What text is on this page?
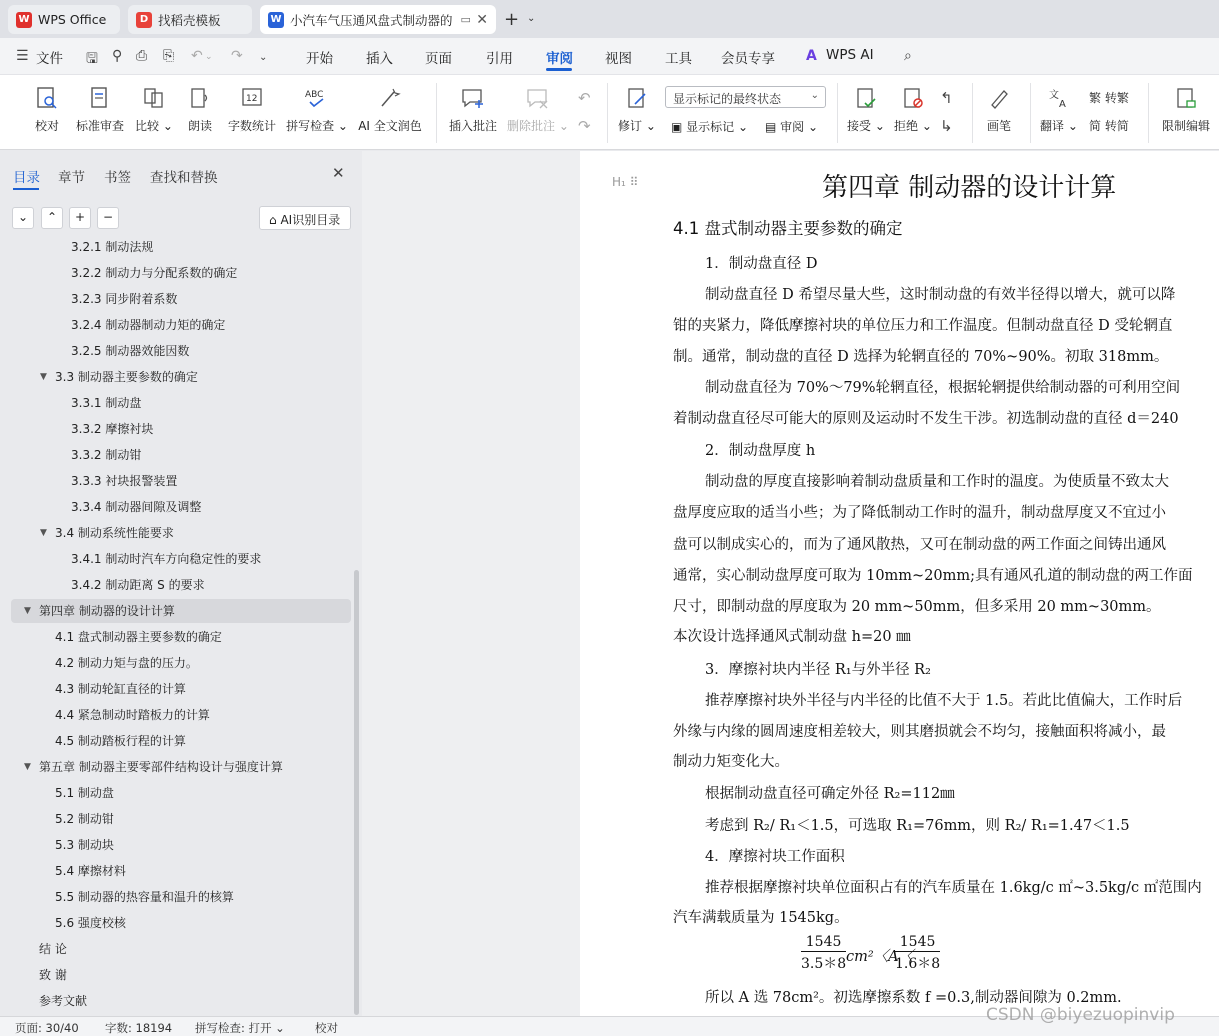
W WPS Office	D 找稻壳模板	W 小汽车气压通风盘式制动器的 ▭ ✕ + ⌄
☰ 文件 🖫 ⚲ ⎙ ⎘ ↶ ⌄ ↷ ⌄	开始 插入 页面	引用 审阅 视图 工具 会员专享 A WPS AI ⌕
校对 标准审查 比较 ⌄ 朗读
12
字数统计
ABC
拼写检查 ⌄ AI 全文润色 插入批注 删除批注 ⌄
↶
↷ 修订 ⌄
显示标记的最终状态	⌄
▣ 显示标记 ⌄ ▤ 审阅 ⌄ 接受 ⌄ 拒绝 ⌄
↰
↳	画笔
文
A
翻译 ⌄
繁 转繁
简 转简	限制编辑
目录 章节 书签 查找和替换	✕
⌄	⌃	+	−	⌂ AI识别目录
3.2.1 制动法规
3.2.2 制动力与分配系数的确定
3.2.3 同步附着系数
3.2.4 制动器制动力矩的确定
3.2.5 制动器效能因数
▼ 3.3 制动器主要参数的确定
3.3.1 制动盘
3.3.2 摩擦衬块
3.3.2 制动钳
3.3.3 衬块报警装置
3.3.4 制动器间隙及调整
▼ 3.4 制动系统性能要求
3.4.1 制动时汽车方向稳定性的要求
3.4.2 制动距离 S 的要求
▼ 第四章 制动器的设计计算
4.1 盘式制动器主要参数的确定
4.2 制动力矩与盘的压力。
4.3 制动轮缸直径的计算
4.4 紧急制动时踏板力的计算
4.5 制动踏板行程的计算
▼ 第五章 制动器主要零部件结构设计与强度计算
5.1 制动盘
5.2 制动钳
5.3 制动块
5.4 摩擦材料
5.5 制动器的热容量和温升的核算
5.6 强度校核
结 论
致 谢
参考文献
H₁ ⠿	第四章 制动器的设计计算
4.1 盘式制动器主要参数的确定
1．制动盘直径 D
制动盘直径 D 希望尽量大些，这时制动盘的有效半径得以增大，就可以降
钳的夹紧力，降低摩擦衬块的单位压力和工作温度。但制动盘直径 D 受轮辋直
制。通常，制动盘的直径 D 选择为轮辋直径的 70%~90%。初取 318mm。
制动盘直径为 70%～79%轮辋直径，根据轮辋提供给制动器的可利用空间
着制动盘直径尽可能大的原则及运动时不发生干涉。初选制动盘的直径 d＝240
2．制动盘厚度 h
制动盘的厚度直接影响着制动盘质量和工作时的温度。为使质量不致太大
盘厚度应取的适当小些；为了降低制动工作时的温升，制动盘厚度又不宜过小
盘可以制成实心的，而为了通风散热，又可在制动盘的两工作面之间铸出通风
通常，实心制动盘厚度可取为 10mm~20mm;具有通风孔道的制动盘的两工作面
尺寸，即制动盘的厚度取为 20 mm~50mm，但多采用 20 mm~30mm。
本次设计选择通风式制动盘 h=20 ㎜
3．摩擦衬块内半径 R₁与外半径 R₂
推荐摩擦衬块外半径与内半径的比值不大于 1.5。若此比值偏大，工作时后
外缘与内缘的圆周速度相差较大，则其磨损就会不均匀，接触面积将减小，最
制动力矩变化大。
根据制动盘直径可确定外径 R₂=112㎜
考虑到 R₂/ R₁＜1.5，可选取 R₁=76mm，则 R₂/ R₁=1.47＜1.5
4．摩擦衬块工作面积
推荐根据摩擦衬块单位面积占有的汽车质量在 1.6kg/c ㎡~3.5kg/c ㎡范围内
汽车满载质量为 1545kg。
所以 A 选 78cm²。初选摩擦系数 f =0.3,制动器间隙为 0.2mm.
$\frac{1545}{3.5*8} cm^2$〈A〈
$\frac{1545}{1.6*8}$
页面: 30/40 字数: 18194 拼写检查: 打开 ⌄	校对
CSDN @biyezuopinvip
